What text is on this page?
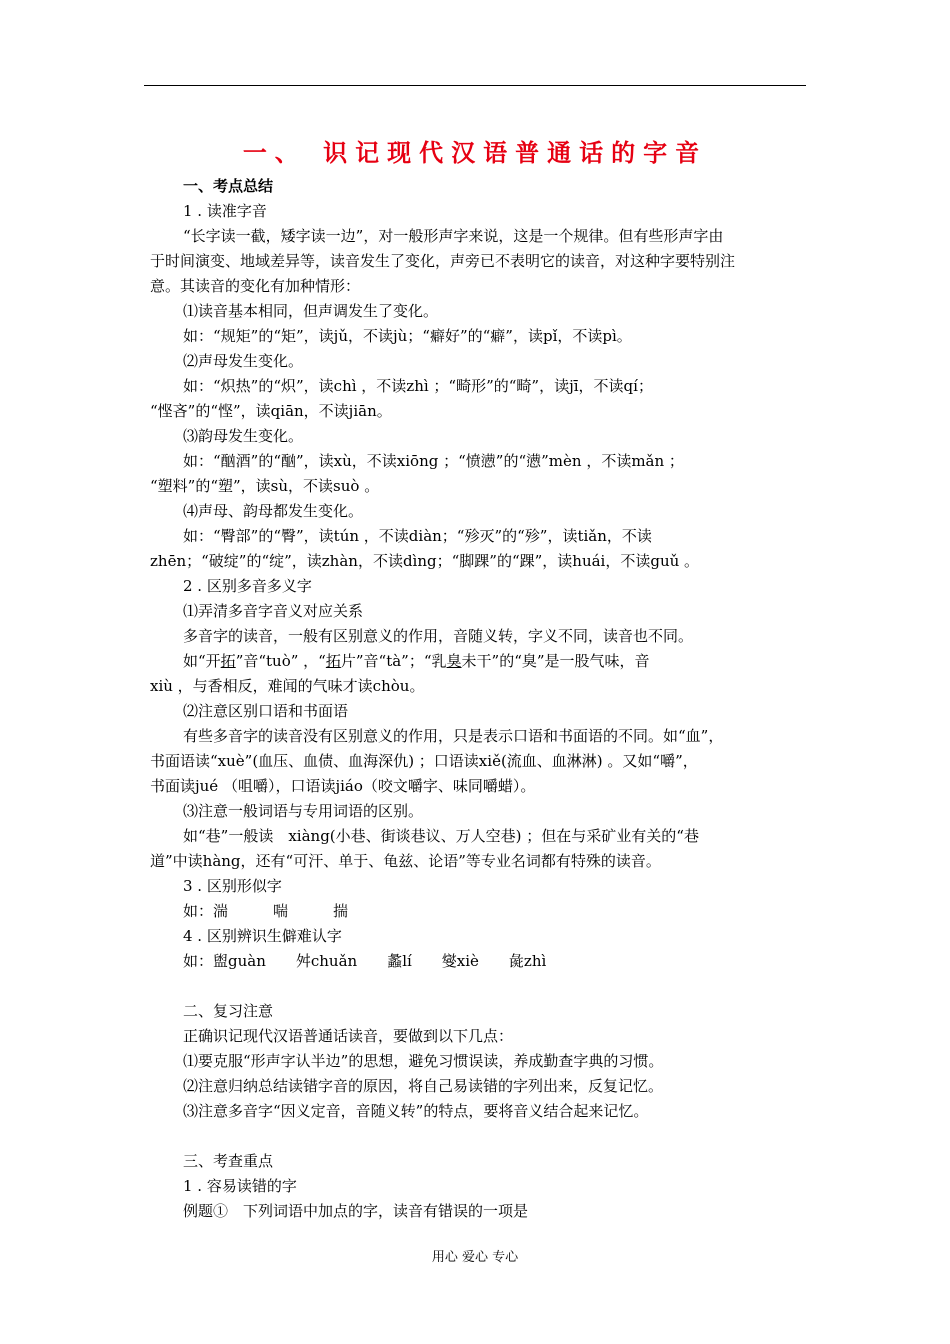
一、 识记现代汉语普通话的字音
一、考点总结
1 . 读准字音
“长字读一截，矮字读一边”，对一般形声字来说，这是一个规律。但有些形声字由
于时间演变、地域差异等，读音发生了变化，声旁已不表明它的读音，对这种字要特别注
意。其读音的变化有加种情形：
⑴读音基本相同，但声调发生了变化。
如：“规矩”的“矩”，读jǔ，不读jù；“癖好”的“癖”，读pǐ，不读pì。
⑵声母发生变化。
如：“炽热”的“炽”，读chì ，不读zhì ；“畸形”的“畸”，读jī，不读qí；
“悭吝”的“悭”，读qiān，不读jiān。
⑶韵母发生变化。
如：“酗酒”的“酗”，读xù，不读xiōng ；“愤懑”的“懑”mèn ，不读mǎn ；
“塑料”的“塑”，读sù，不读suò 。
⑷声母、韵母都发生变化。
如：“臀部”的“臀”，读tún ，不读diàn；“殄灭”的“殄”，读tiǎn，不读
zhēn；“破绽”的“绽”，读zhàn，不读dìng；“脚踝”的“踝”，读huái，不读guǔ 。
2 . 区别多音多义字
⑴弄清多音字音义对应关系
多音字的读音，一般有区别意义的作用，音随义转，字义不同，读音也不同。
如“开拓”音“tuò” ，“拓片”音“tà”；“乳臭未干”的“臭”是一股气味，音
xiù ，与香相反，难闻的气味才读chòu。
⑵注意区别口语和书面语
有些多音字的读音没有区别意义的作用，只是表示口语和书面语的不同。如“血”，
书面语读“xuè”(血压、血债、血海深仇) ；口语读xiě(流血、血淋淋) 。又如“嚼”，
书面读jué （咀嚼），口语读jiáo（咬文嚼字、味同嚼蜡）。
⑶注意一般词语与专用词语的区别。
如“巷”一般读　xiàng(小巷、街谈巷议、万人空巷) ；但在与采矿业有关的“巷
道”中读hàng，还有“可汗、单于、龟兹、论语”等专业名词都有特殊的读音。
3 . 区别形似字
如：湍　　　喘　　　揣
4 . 区别辨识生僻难认字
如：盥guàn　　舛chuǎn　　蠡lí　　燮xiè　　彘zhì
二、复习注意
正确识记现代汉语普通话读音，要做到以下几点：
⑴要克服“形声字认半边”的思想，避免习惯误读，养成勤查字典的习惯。
⑵注意归纳总结读错字音的原因，将自己易读错的字列出来，反复记忆。
⑶注意多音字“因义定音，音随义转”的特点，要将音义结合起来记忆。
三、考查重点
1 . 容易读错的字
例题①　下列词语中加点的字，读音有错误的一项是
用心 爱心 专心
